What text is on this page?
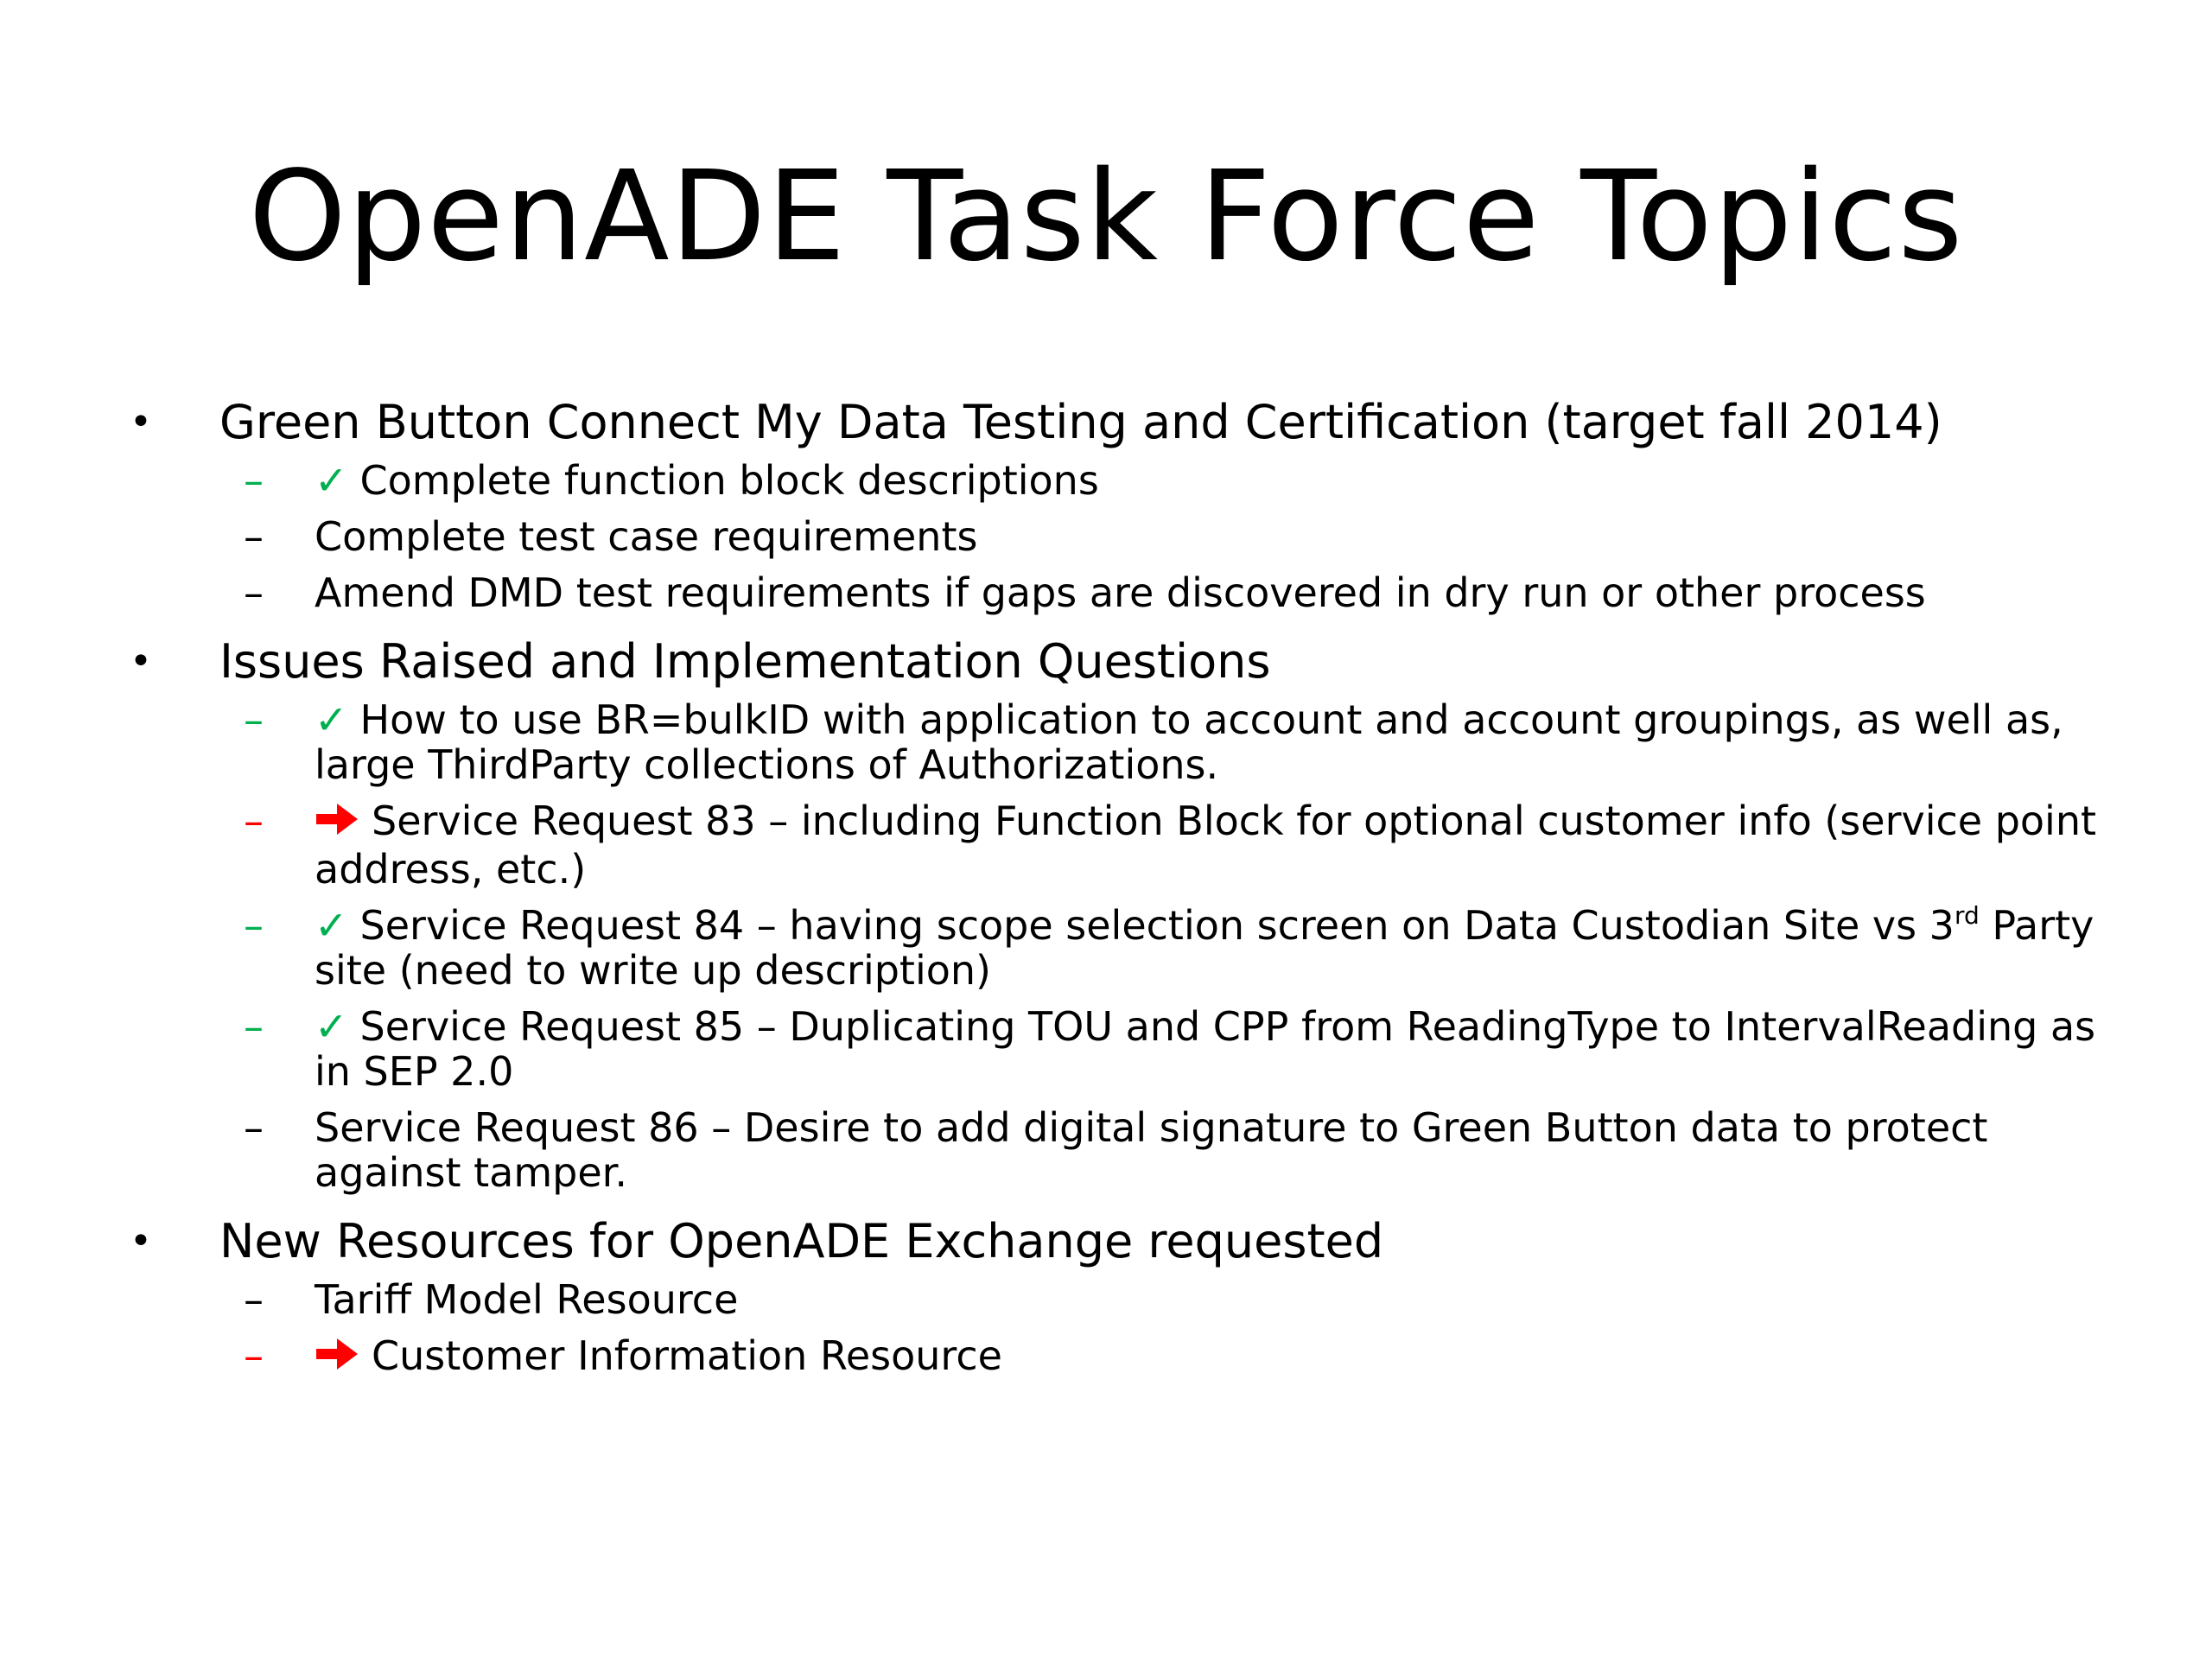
OpenADE Task Force Topics
• Green Button Connect My Data Testing and Certification (target fall 2014)
–	✓ Complete function block descriptions
–	Complete test case requirements
–	Amend DMD test requirements if gaps are discovered in dry run or other process
• Issues Raised and Implementation Questions
–	✓ How to use BR=bulkID with application to account and account groupings, as well as, large ThirdParty collections of Authorizations.
–	Service Request 83 – including Function Block for optional customer info (service point address, etc.)
–	✓ Service Request 84 – having scope selection screen on Data Custodian Site vs 3rd Party site (need to write up description)
–	✓ Service Request 85 – Duplicating TOU and CPP from ReadingType to IntervalReading as in SEP 2.0
–	Service Request 86 – Desire to add digital signature to Green Button data to protect against tamper.
• New Resources for OpenADE Exchange requested
–	Tariff Model Resource
–	Customer Information Resource
